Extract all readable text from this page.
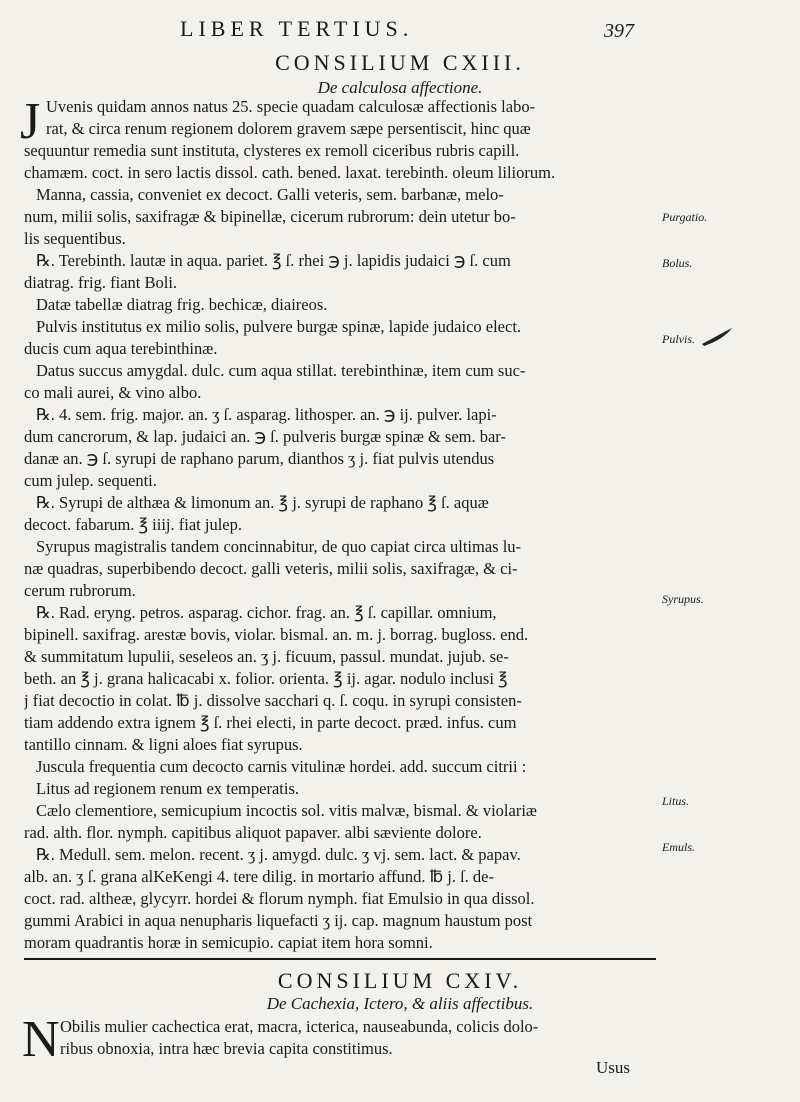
LIBER TERTIUS.	397
CONSILIUM CXIII.
De calculosa affectione.
J Uvenis quidam annos natus 25. specie quadam calculosæ affectionis labo-
rat, & circa renum regionem dolorem gravem sæpe persentiscit, hinc quæ
sequuntur remedia sunt instituta, clysteres ex remoll ciceribus rubris capill.
chamæm. coct. in sero lactis dissol. cath. bened. laxat. terebinth. oleum liliorum.
Manna, cassia, conveniet ex decoct. Galli veteris, sem. barbanæ, melo-
num, milii solis, saxifragæ & bipinellæ, cicerum rubrorum: dein utetur bo-
lis sequentibus.
℞. Terebinth. lautæ in aqua. pariet. ℥ ſ. rhei ℈ j. lapidis judaici ℈ ſ. cum
diatrag. frig. fiant Boli.
Datæ tabellæ diatrag frig. bechicæ, diaireos.
Pulvis institutus ex milio solis, pulvere burgæ spinæ, lapide judaico elect.
ducis cum aqua terebinthinæ.
Datus succus amygdal. dulc. cum aqua stillat. terebinthinæ, item cum suc-
co mali aurei, & vino albo.
℞. 4. sem. frig. major. an. ʒ ſ. asparag. lithosper. an. ℈ ij. pulver. lapi-
dum cancrorum, & lap. judaici an. ℈ ſ. pulveris burgæ spinæ & sem. bar-
danæ an. ℈ ſ. syrupi de raphano parum, dianthos ʒ j. fiat pulvis utendus
cum julep. sequenti.
℞. Syrupi de althæa & limonum an. ℥ j. syrupi de raphano ℥ ſ. aquæ
decoct. fabarum. ℥ iiij. fiat julep.
Syrupus magistralis tandem concinnabitur, de quo capiat circa ultimas lu-
næ quadras, superbibendo decoct. galli veteris, milii solis, saxifragæ, & ci-
cerum rubrorum.
℞. Rad. eryng. petros. asparag. cichor. frag. an. ℥ ſ. capillar. omnium,
bipinell. saxifrag. arestæ bovis, violar. bismal. an. m. j. borrag. bugloss. end.
& summitatum lupulii, seseleos an. ʒ j. ficuum, passul. mundat. jujub. se-
beth. an ℥ j. grana halicacabi x. folior. orienta. ℥ ij. agar. nodulo inclusi ℥
j fiat decoctio in colat. ℔ j. dissolve sacchari q. ſ. coqu. in syrupi consisten-
tiam addendo extra ignem ℥ ſ. rhei electi, in parte decoct. præd. infus. cum
tantillo cinnam. & ligni aloes fiat syrupus.
Juscula frequentia cum decocto carnis vitulinæ hordei. add. succum citrii :
Litus ad regionem renum ex temperatis.
Cælo clementiore, semicupium incoctis sol. vitis malvæ, bismal. & violariæ
rad. alth. flor. nymph. capitibus aliquot papaver. albi sæviente dolore.
℞. Medull. sem. melon. recent. ʒ j. amygd. dulc. ʒ vj. sem. lact. & papav.
alb. an. ʒ ſ. grana alKeKengi 4. tere dilig. in mortario affund. ℔ j. ſ. de-
coct. rad. altheæ, glycyrr. hordei & florum nymph. fiat Emulsio in qua dissol.
gummi Arabici in aqua nenupharis liquefacti ʒ ij. cap. magnum haustum post
moram quadrantis horæ in semicupio. capiat item hora somni.
Purgatio.
Bolus.
Pulvis.
Syrupus.
Litus.
Emuls.
CONSILIUM CXIV.
De Cachexia, Ictero, & aliis affectibus.
N Obilis mulier cachectica erat, macra, icterica, nauseabunda, colicis dolo-
ribus obnoxia, intra hæc brevia capita constitimus.
Usus
